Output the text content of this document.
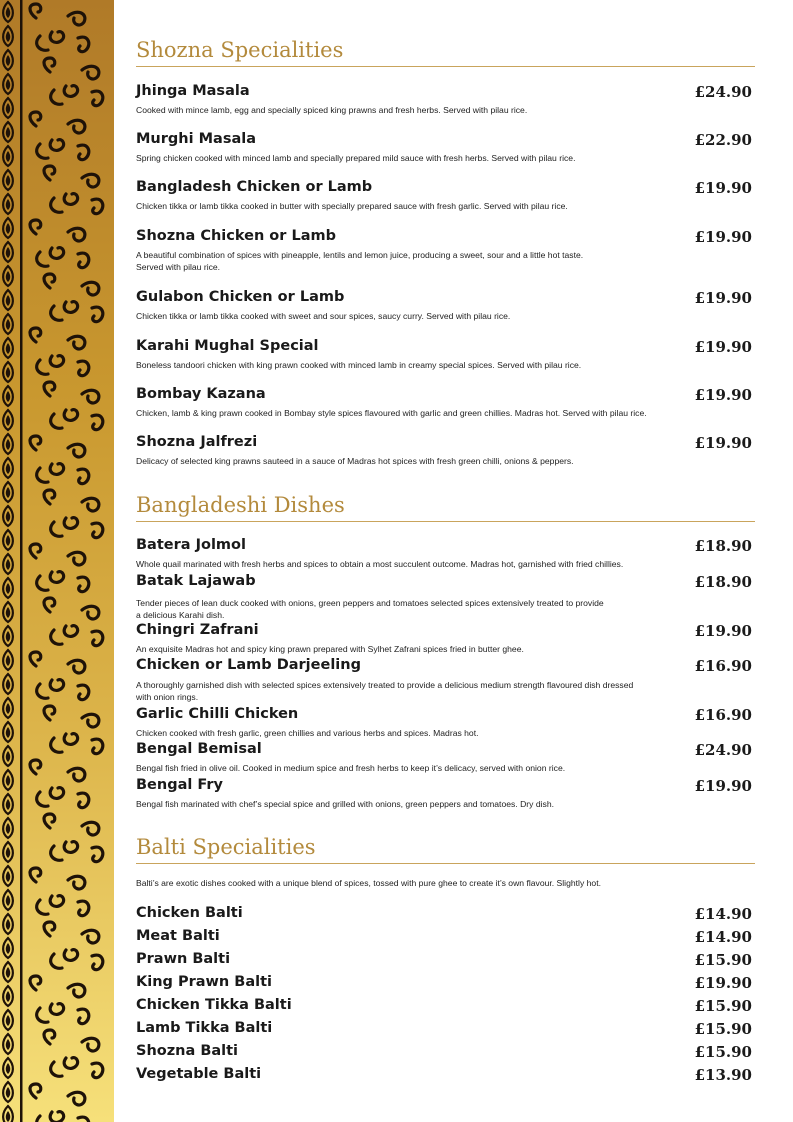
Shozna Specialities
Jhinga Masala	£24.90
Cooked with mince lamb, egg and specially spiced king prawns and fresh herbs. Served with pilau rice.
Murghi Masala	£22.90
Spring chicken cooked with minced lamb and specially prepared mild sauce with fresh herbs. Served with pilau rice.
Bangladesh Chicken or Lamb	£19.90
Chicken tikka or lamb tikka cooked in butter with specially prepared sauce with fresh garlic. Served with pilau rice.
Shozna Chicken or Lamb	£19.90
A beautiful combination of spices with pineapple, lentils and lemon juice, producing a sweet, sour and a little hot taste.
Served with pilau rice.
Gulabon Chicken or Lamb	£19.90
Chicken tikka or lamb tikka cooked with sweet and sour spices, saucy curry. Served with pilau rice.
Karahi Mughal Special	£19.90
Boneless tandoori chicken with king prawn cooked with minced lamb in creamy special spices. Served with pilau rice.
Bombay Kazana	£19.90
Chicken, lamb & king prawn cooked in Bombay style spices flavoured with garlic and green chillies. Madras hot. Served with pilau rice.
Shozna Jalfrezi	£19.90
Delicacy of selected king prawns sauteed in a sauce of Madras hot spices with fresh green chilli, onions & peppers.
Bangladeshi Dishes
Batera Jolmol	£18.90
Whole quail marinated with fresh herbs and spices to obtain a most succulent outcome. Madras hot, garnished with fried chillies.
Batak Lajawab	£18.90
Tender pieces of lean duck cooked with onions, green peppers and tomatoes selected spices extensively treated to provide
a delicious Karahi dish.
Chingri Zafrani	£19.90
An exquisite Madras hot and spicy king prawn prepared with Sylhet Zafrani spices fried in butter ghee.
Chicken or Lamb Darjeeling	£16.90
A thoroughly garnished dish with selected spices extensively treated to provide a delicious medium strength flavoured dish dressed
with onion rings.
Garlic Chilli Chicken	£16.90
Chicken cooked with fresh garlic, green chillies and various herbs and spices. Madras hot.
Bengal Bemisal	£24.90
Bengal fish fried in olive oil. Cooked in medium spice and fresh herbs to keep it’s delicacy, served with onion rice.
Bengal Fry	£19.90
Bengal fish marinated with chef’s special spice and grilled with onions, green peppers and tomatoes. Dry dish.
Balti Specialities
Balti’s are exotic dishes cooked with a unique blend of spices, tossed with pure ghee to create it’s own flavour. Slightly hot.
Chicken Balti	£14.90
Meat Balti	£14.90
Prawn Balti	£15.90
King Prawn Balti	£19.90
Chicken Tikka Balti	£15.90
Lamb Tikka Balti	£15.90
Shozna Balti	£15.90
Vegetable Balti	£13.90
